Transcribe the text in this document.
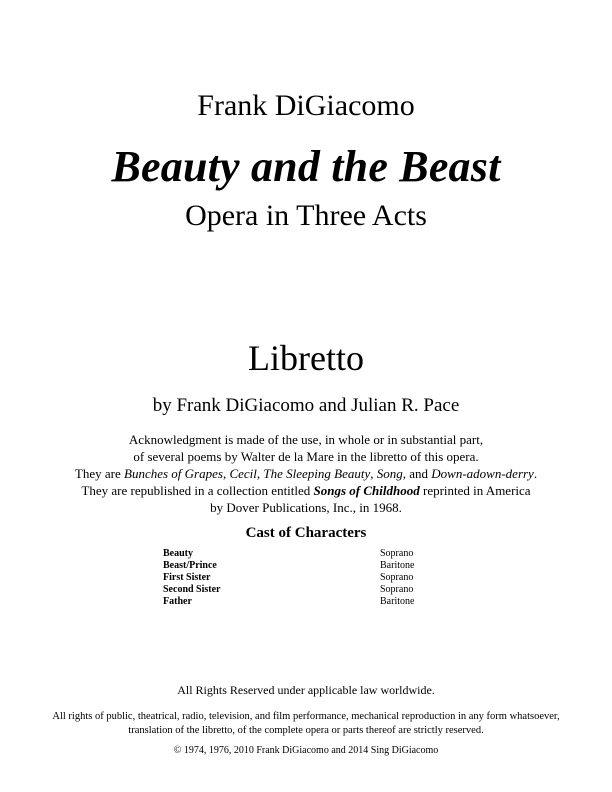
Frank DiGiacomo
Beauty and the Beast
Opera in Three Acts
Libretto
by Frank DiGiacomo and Julian R. Pace
Acknowledgment is made of the use, in whole or in substantial part,
of several poems by Walter de la Mare in the libretto of this opera.
They are Bunches of Grapes, Cecil, The Sleeping Beauty, Song, and Down-adown-derry.
They are republished in a collection entitled Songs of Childhood reprinted in America
by Dover Publications, Inc., in 1968.
Cast of Characters
Beauty	Soprano
Beast/Prince	Baritone
First Sister	Soprano
Second Sister	Soprano
Father	Baritone
All Rights Reserved under applicable law worldwide.
All rights of public, theatrical, radio, television, and film performance, mechanical reproduction in any form whatsoever,
translation of the libretto, of the complete opera or parts thereof are strictly reserved.
© 1974, 1976, 2010 Frank DiGiacomo and 2014 Sing DiGiacomo
